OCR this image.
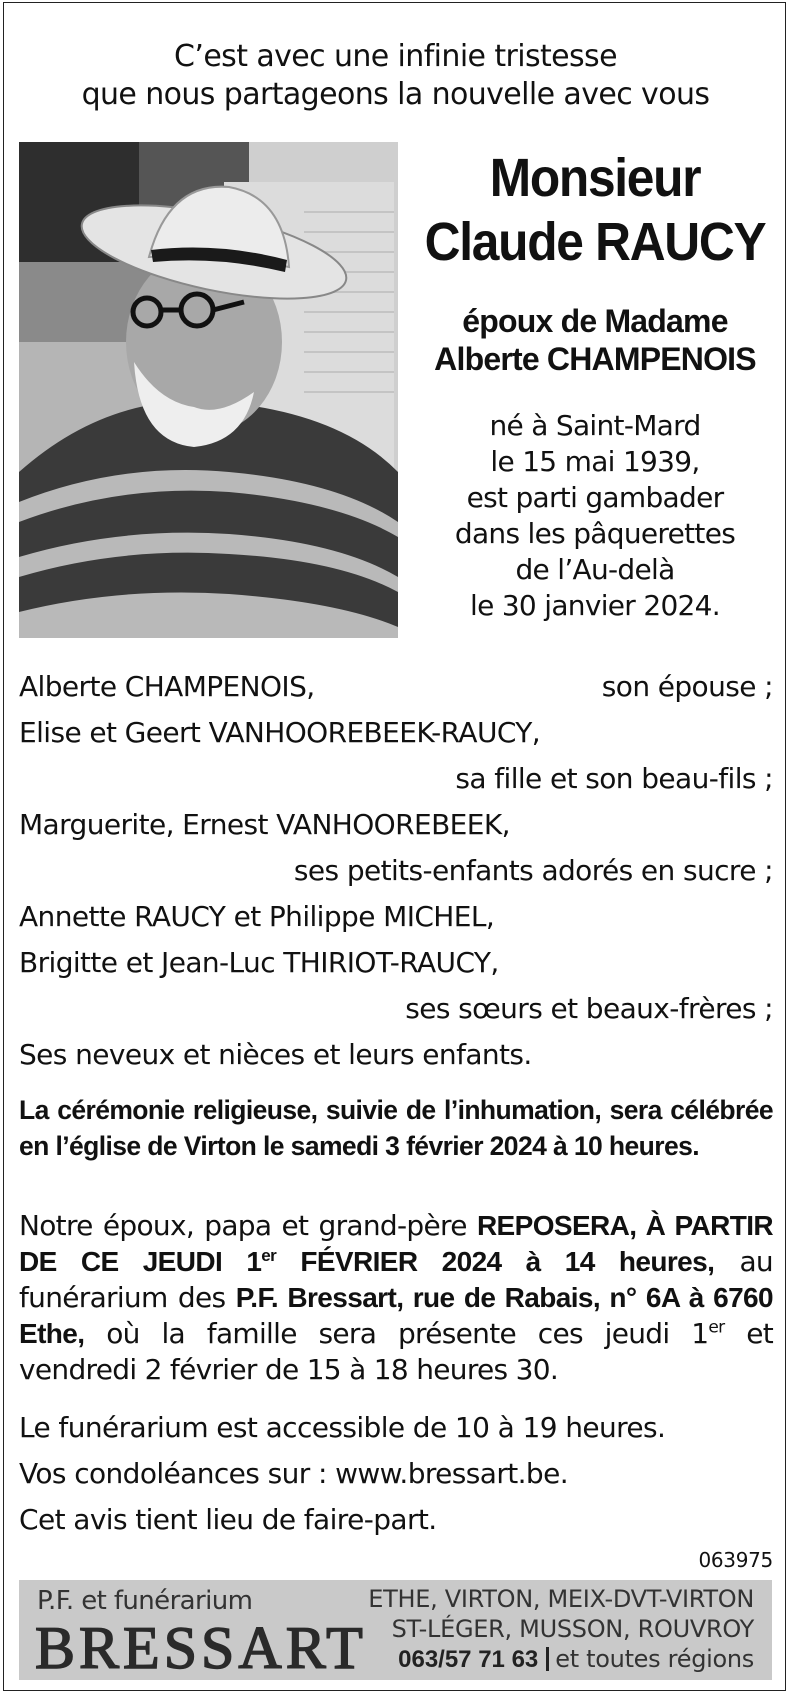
C’est avec une infinie tristesse
que nous partageons la nouvelle avec vous
Monsieur
Claude RAUCY
époux de Madame
Alberte CHAMPENOIS
né à Saint-Mard
le 15 mai 1939,
est parti gambader
dans les pâquerettes
de l’Au-delà
le 30 janvier 2024.
Alberte CHAMPENOIS,	son épouse ;
Elise et Geert VANHOOREBEEK-RAUCY,
sa fille et son beau-fils ;
Marguerite, Ernest VANHOOREBEEK,
ses petits-enfants adorés en sucre ;
Annette RAUCY et Philippe MICHEL,
Brigitte et Jean-Luc THIRIOT-RAUCY,
ses sœurs et beaux-frères ;
Ses neveux et nièces et leurs enfants.
La cérémonie religieuse, suivie de l’inhumation, sera célébrée en l’église de Virton le samedi 3 février 2024 à 10 heures.
Notre époux, papa et grand-père REPOSERA, À PARTIR DE CE JEUDI 1er FÉVRIER 2024 à 14 heures, au funérarium des P.F. Bressart, rue de Rabais, n° 6A à 6760 Ethe, où la famille sera présente ces jeudi 1er et vendredi 2 février de 15 à 18 heures 30.
Le funérarium est accessible de 10 à 19 heures.
Vos condoléances sur : www.bressart.be.
Cet avis tient lieu de faire-part.
063975
P.F. et funérarium
BRESSART
ETHE, VIRTON, MEIX-DVT-VIRTON
ST-LÉGER, MUSSON, ROUVROY
063/57 71 63 et toutes régions
